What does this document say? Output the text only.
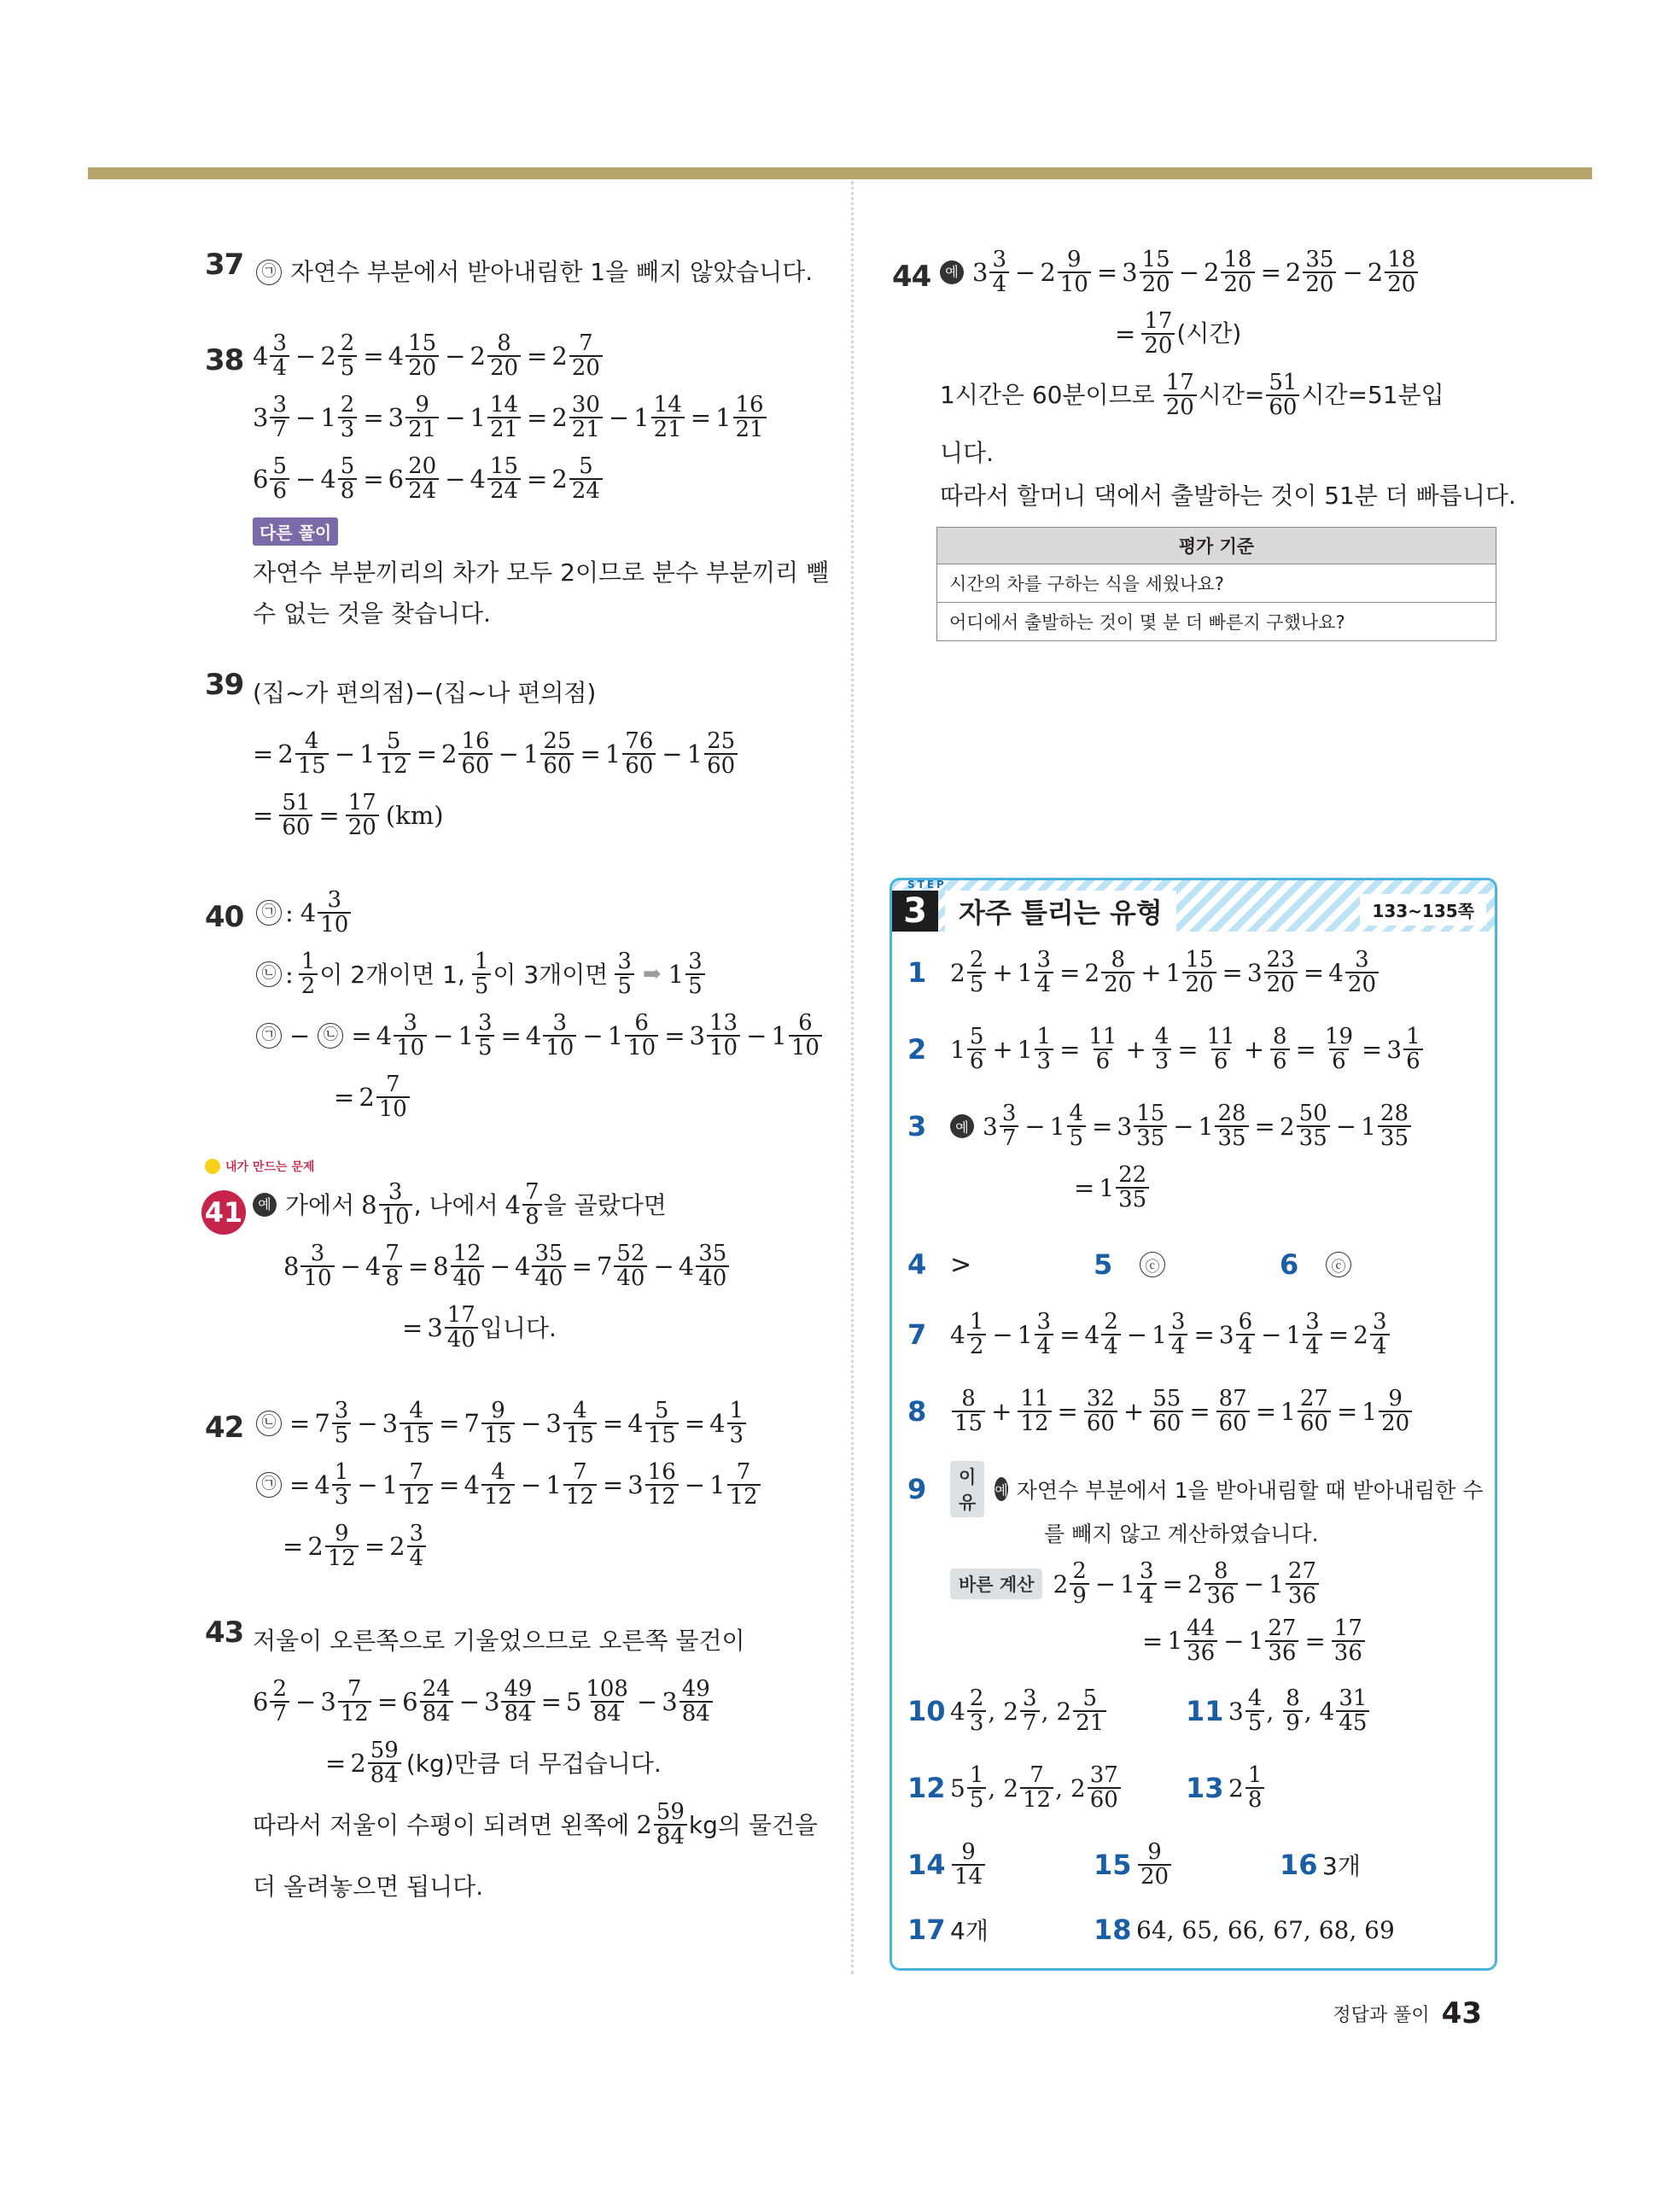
37	㉠ 자연수 부분에서 받아내림한 1을 빼지 않았습니다.
38 $4 \frac{3}{4} - 2 \frac{2}{5} = 4 \frac{15}{20} - 2 \frac{8}{20} = 2 \frac{7}{20}$
$3 \frac{3}{7} - 1 \frac{2}{3} = 3 \frac{9}{21} - 1 \frac{14}{21} = 2 \frac{30}{21} - 1 \frac{14}{21} = 1 \frac{16}{21}$
$6 \frac{5}{6} - 4 \frac{5}{8} = 6 \frac{20}{24} - 4 \frac{15}{24} = 2 \frac{5}{24}$
다른 풀이
자연수 부분끼리의 차가 모두 2이므로 분수 부분끼리 뺄
수 없는 것을 찾습니다.
39 (집~가 편의점)−(집~나 편의점)
= $2 \frac{4}{15} - 1 \frac{5}{12} = 2 \frac{16}{60} - 1 \frac{25}{60} = 1 \frac{76}{60} - 1 \frac{25}{60}$
= $\frac{51}{60} = \frac{17}{20} (km)$
40	㉠ : $4 \frac{3}{10}$
㉡ : $\frac{1}{2}$ 이 2개이면 1, $\frac{1}{5}$ 이 3개이면 $\frac{3}{5}$ ➡ $1 \frac{3}{5}$
㉠ − ㉡ = $4 \frac{3}{10} - 1 \frac{3}{5} = 4 \frac{3}{10} - 1 \frac{6}{10} = 3 \frac{13}{10} - 1 \frac{6}{10}$
= $2 \frac{7}{10}$
내가 만드는 문제
41	예 가에서 $8 \frac{3}{10}$ , 나에서 $4 \frac{7}{8}$ 을 골랐다면
$8 \frac{3}{10} - 4 \frac{7}{8} = 8 \frac{12}{40} - 4 \frac{35}{40} = 7 \frac{52}{40} - 4 \frac{35}{40}$
= $3 \frac{17}{40}$ 입니다.
42	㉡ = $7 \frac{3}{5} - 3 \frac{4}{15} = 7 \frac{9}{15} - 3 \frac{4}{15} = 4 \frac{5}{15} = 4 \frac{1}{3}$
㉠ = $4 \frac{1}{3} - 1 \frac{7}{12} = 4 \frac{4}{12} - 1 \frac{7}{12} = 3 \frac{16}{12} - 1 \frac{7}{12}$
= $2 \frac{9}{12} = 2 \frac{3}{4}$
43 저울이 오른쪽으로 기울었으므로 오른쪽 물건이
$6 \frac{2}{7} - 3 \frac{7}{12} = 6 \frac{24}{84} - 3 \frac{49}{84} = 5 \frac{108}{84} - 3 \frac{49}{84}$
= $2 \frac{59}{84} (kg)$만큼 더 무겁습니다.
따라서 저울이 수평이 되려면 왼쪽에 $2 \frac{59}{84}$ kg의 물건을
더 올려놓으면 됩니다.
44	예 $3 \frac{3}{4} - 2 \frac{9}{10} = 3 \frac{15}{20} - 2 \frac{18}{20} = 2 \frac{35}{20} - 2 \frac{18}{20}$
= $\frac{17}{20}$ (시간)
1시간은 60분이므로 $\frac{17}{20}$ 시간= $\frac{51}{60}$ 시간=51분입
니다.
따라서 할머니 댁에서 출발하는 것이 51분 더 빠릅니다.
평가 기준
시간의 차를 구하는 식을 세웠나요?
어디에서 출발하는 것이 몇 분 더 빠른지 구했나요?
STEP
3	자주 틀리는 유형	133~135쪽
1 $2 \frac{2}{5} + 1 \frac{3}{4} = 2 \frac{8}{20} + 1 \frac{15}{20} = 3 \frac{23}{20} = 4 \frac{3}{20}$
2 $1 \frac{5}{6} + 1 \frac{1}{3} = \frac{11}{6} + \frac{4}{3} = \frac{11}{6} + \frac{8}{6} = \frac{19}{6} = 3 \frac{1}{6}$
3	예 $3 \frac{3}{7} - 1 \frac{4}{5} = 3 \frac{15}{35} - 1 \frac{28}{35} = 2 \frac{50}{35} - 1 \frac{28}{35}$
= $1 \frac{22}{35}$
4 >	5	ⓒ	6	ⓒ
7 $4 \frac{1}{2} - 1 \frac{3}{4} = 4 \frac{2}{4} - 1 \frac{3}{4} = 3 \frac{6}{4} - 1 \frac{3}{4} = 2 \frac{3}{4}$
8	$\frac{8}{15} + \frac{11}{12} = \frac{32}{60} + \frac{55}{60} = \frac{87}{60} = 1 \frac{27}{60} = 1 \frac{9}{20}$
9	이유
예 자연수 부분에서 1을 받아내림할 때 받아내림한 수
를 빼지 않고 계산하였습니다.
바른 계산 $2 \frac{2}{9} - 1 \frac{3}{4} = 2 \frac{8}{36} - 1 \frac{27}{36}$
= $1 \frac{44}{36} - 1 \frac{27}{36} = \frac{17}{36}$
10 $4 \frac{2}{3}$ , $2 \frac{3}{7}$ , $2 \frac{5}{21}$	11 $3 \frac{4}{5}$ , $\frac{8}{9}$ , $4 \frac{31}{45}$
12 $5 \frac{1}{5}$ , $2 \frac{7}{12}$ , $2 \frac{37}{60} 13$ $2 \frac{1}{8}$
$14 \frac{9}{14}$	$15 \frac{9}{20}$	16 3개
17 4개	18 64, 65, 66, 67, 68, 69
정답과 풀이 43
